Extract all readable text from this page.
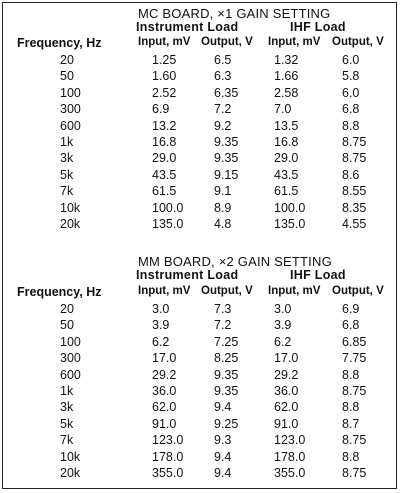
MC BOARD, ×1 GAIN SETTING
Instrument Load	IHF Load
Frequency, Hz	Input, mV Output, V Input, mV Output, V
20	1.25	6.5	1.32	6.0
50	1.60	6.3	1.66	5.8
100	2.52	6.35	2.58	6.0
300	6.9	7.2	7.0	6.8
600	13.2	9.2	13.5	8.8
1k	16.8	9.35	16.8	8.75
3k	29.0	9.35	29.0	8.75
5k	43.5	9.15	43.5	8.6
7k	61.5	9.1	61.5	8.55
10k	100.0 8.9	100.0	8.35
20k	135.0 4.8	135.0	4.55
MM BOARD, ×2 GAIN SETTING
Instrument Load	IHF Load
Frequency, Hz	Input, mV Output, V Input, mV Output, V
20	3.0	7.3	3.0	6.9
50	3.9	7.2	3.9	6.8
100	6.2	7.25	6.2	6.85
300	17.0	8.25	17.0	7.75
600	29.2	9.35	29.2	8.8
1k	36.0	9.35	36.0	8.75
3k	62.0	9.4	62.0	8.8
5k	91.0	9.25	91.0	8.7
7k	123.0 9.3	123.0	8.75
10k	178.0 9.4	178.0	8.8
20k	355.0 9.4	355.0	8.75
